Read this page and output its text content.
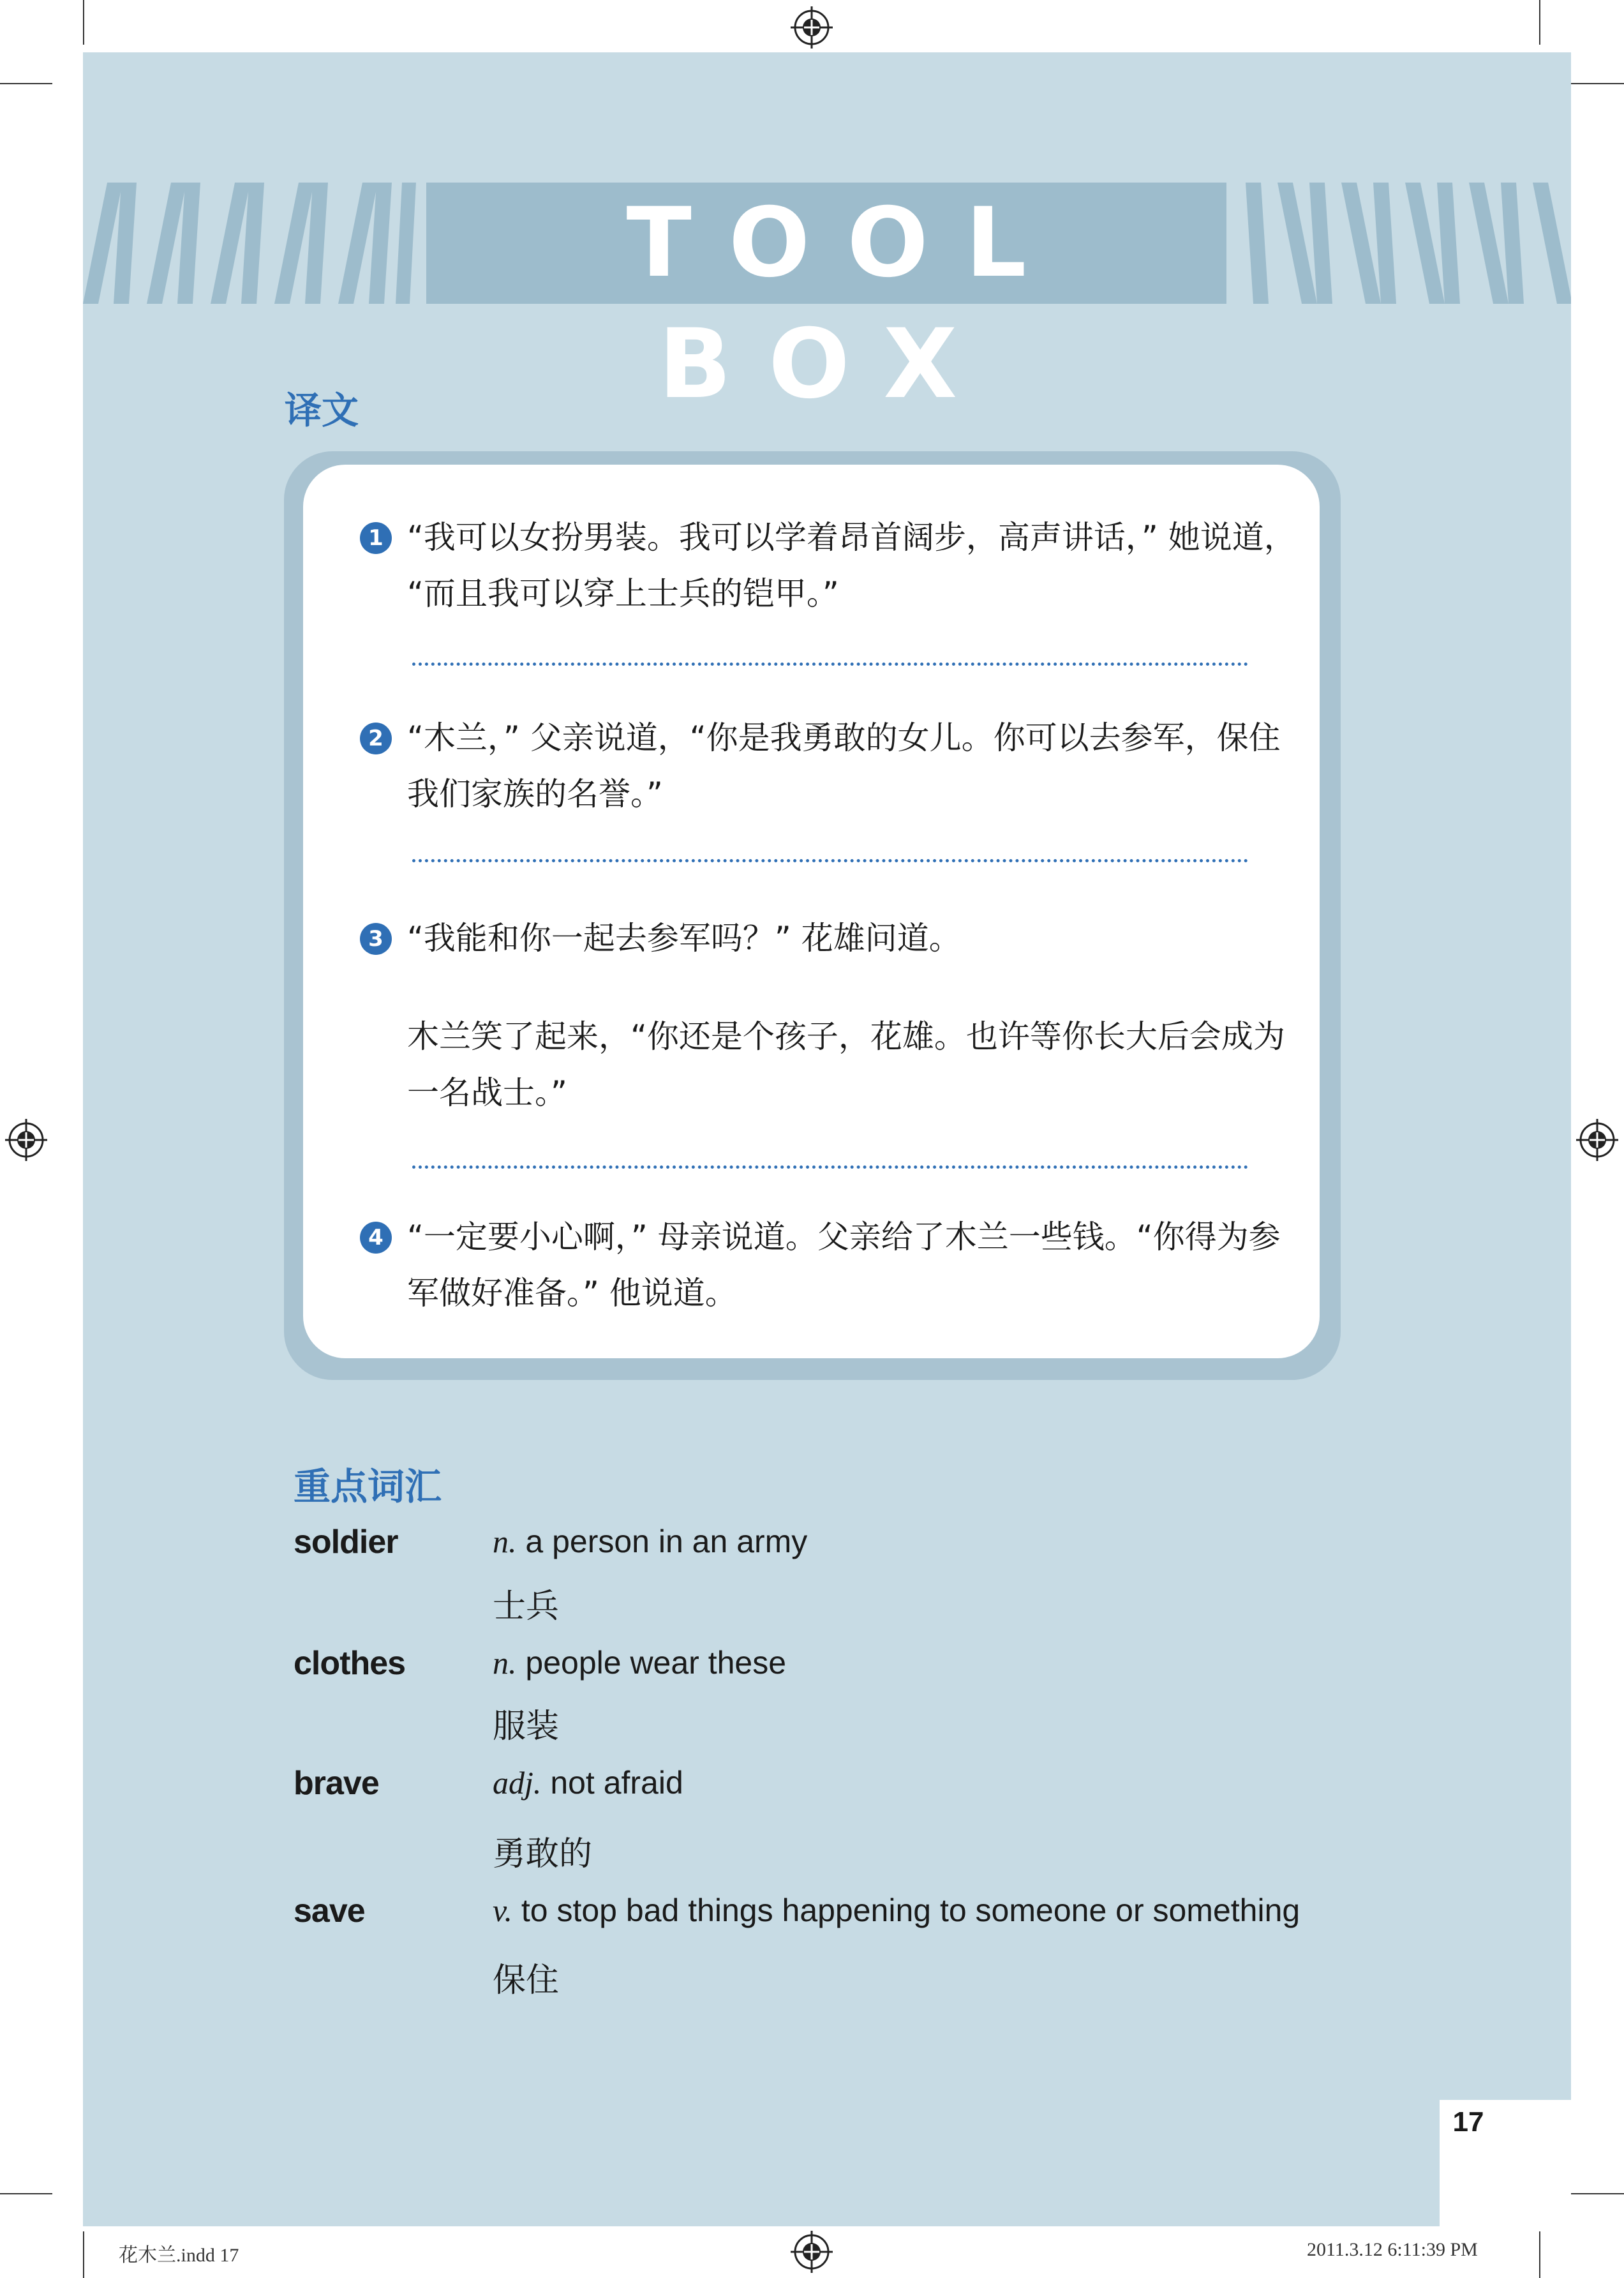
TOOL BOX
译文
1 “我可以女扮男装。我可以学着昂首阔步，高声讲话，” 她说道，
“而且我可以穿上士兵的铠甲。”
2 “木兰，” 父亲说道，“你是我勇敢的女儿。你可以去参军，保住
我们家族的名誉。”
3 “我能和你一起去参军吗？” 花雄问道。
木兰笑了起来，“你还是个孩子，花雄。也许等你长大后会成为
一名战士。”
4 “一定要小心啊，” 母亲说道。父亲给了木兰一些钱。“你得为参
军做好准备。” 他说道。
重点词汇
soldier	n. a person in an army
士兵
clothes	n. people wear these
服装
brave	adj. not afraid
勇敢的
save	v. to stop bad things happening to someone or something
保住
17
花木兰.indd 17	2011.3.12 6:11:39 PM
